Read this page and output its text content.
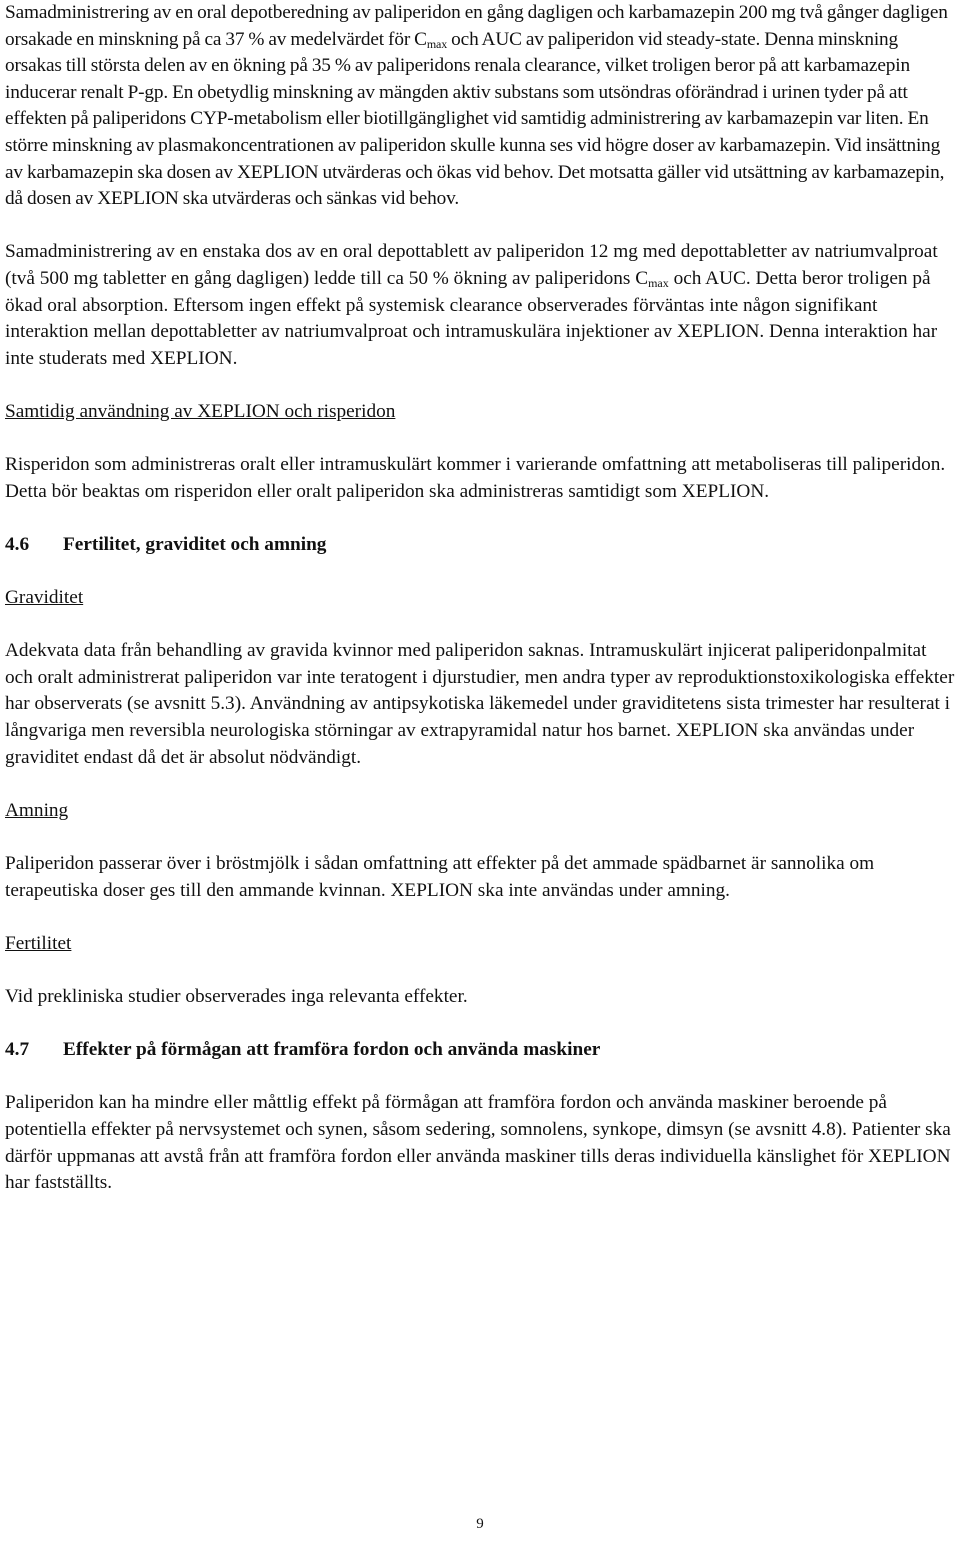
Samadministrering av en oral depotberedning av paliperidon en gång dagligen och karbamazepin 200 mg två gånger dagligen orsakade en minskning på ca 37 % av medelvärdet för $C_{max}$ och AUC av paliperidon vid steady-state. Denna minskning orsakas till största delen av en ökning på 35 % av paliperidons renala clearance, vilket troligen beror på att karbamazepin inducerar renalt P-gp. En obetydlig minskning av mängden aktiv substans som utsöndras oförändrad i urinen tyder på att effekten på paliperidons CYP-metabolism eller biotillgänglighet vid samtidig administrering av karbamazepin var liten. En större minskning av plasmakoncentrationen av paliperidon skulle kunna ses vid högre doser av karbamazepin. Vid insättning av karbamazepin ska dosen av XEPLION utvärderas och ökas vid behov. Det motsatta gäller vid utsättning av karbamazepin, då dosen av XEPLION ska utvärderas och sänkas vid behov.

Samadministrering av en enstaka dos av en oral depottablett av paliperidon 12 mg med depottabletter av natriumvalproat (två 500 mg tabletter en gång dagligen) ledde till ca 50 % ökning av paliperidons $C_{max}$ och AUC. Detta beror troligen på ökad oral absorption. Eftersom ingen effekt på systemisk clearance observerades förväntas inte någon signifikant interaktion mellan depottabletter av natriumvalproat och intramuskulära injektioner av XEPLION. Denna interaktion har inte studerats med XEPLION.

Samtidig användning av XEPLION och risperidon

Risperidon som administreras oralt eller intramuskulärt kommer i varierande omfattning att metaboliseras till paliperidon. Detta bör beaktas om risperidon eller oralt paliperidon ska administreras samtidigt som XEPLION.

4.6 Fertilitet, graviditet och amning

Graviditet

Adekvata data från behandling av gravida kvinnor med paliperidon saknas. Intramuskulärt injicerat paliperidonpalmitat och oralt administrerat paliperidon var inte teratogent i djurstudier, men andra typer av reproduktionstoxikologiska effekter har observerats (se avsnitt 5.3). Användning av antipsykotiska läkemedel under graviditetens sista trimester har resulterat i långvariga men reversibla neurologiska störningar av extrapyramidal natur hos barnet. XEPLION ska användas under graviditet endast då det är absolut nödvändigt.

Amning

Paliperidon passerar över i bröstmjölk i sådan omfattning att effekter på det ammade spädbarnet är sannolika om terapeutiska doser ges till den ammande kvinnan. XEPLION ska inte användas under amning.

Fertilitet

Vid prekliniska studier observerades inga relevanta effekter.

4.7 Effekter på förmågan att framföra fordon och använda maskiner

Paliperidon kan ha mindre eller måttlig effekt på förmågan att framföra fordon och använda maskiner beroende på potentiella effekter på nervsystemet och synen, såsom sedering, somnolens, synkope, dimsyn (se avsnitt 4.8). Patienter ska därför uppmanas att avstå från att framföra fordon eller använda maskiner tills deras individuella känslighet för XEPLION har fastställts.

9
